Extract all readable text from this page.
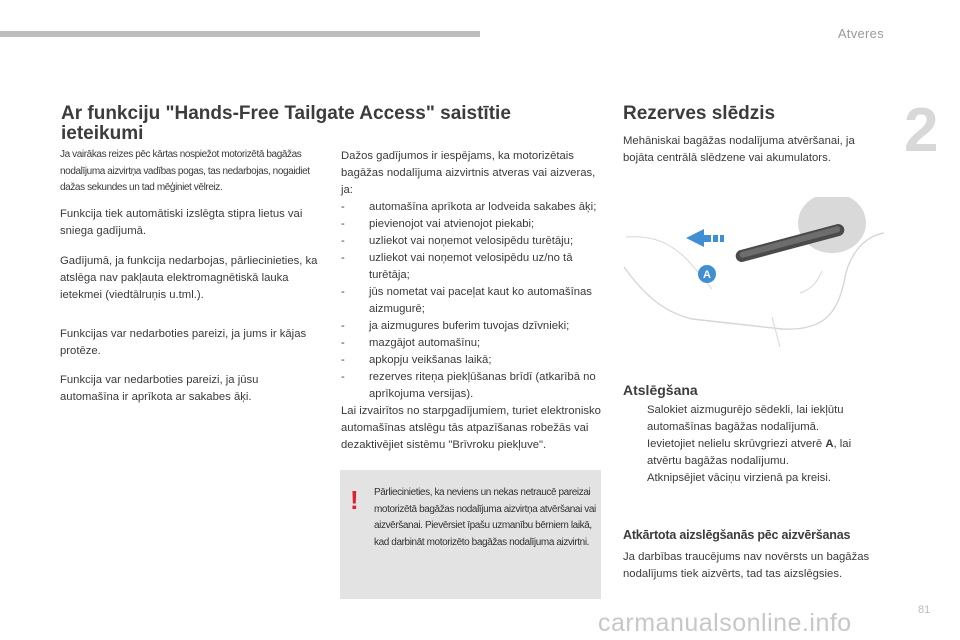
Atveres
2
Ar funkciju "Hands-Free Tailgate Access" saistītie ieteikumi
Ja vairākas reizes pēc kārtas nospiežot motorizētā bagāžas nodalījuma aizvirtņa vadības pogas, tas nedarbojas, nogaidiet dažas sekundes un tad mēģiniet vēlreiz.
Funkcija tiek automātiski izslēgta stipra lietus vai sniega gadījumā.
Gadījumā, ja funkcija nedarbojas, pārliecinieties, ka atslēga nav pakļauta elektromagnētiskā lauka ietekmei (viedtālruņis u.tml.).
Funkcijas var nedarboties pareizi, ja jums ir kājas protēze.
Funkcija var nedarboties pareizi, ja jūsu automašīna ir aprīkota ar sakabes āķi.
Dažos gadījumos ir iespējams, ka motorizētais bagāžas nodalījuma aizvirtnis atveras vai aizveras, ja:
- automašīna aprīkota ar lodveida sakabes āķi;
- pievienojot vai atvienojot piekabi;
- uzliekot vai noņemot velosipēdu turētāju;
- uzliekot vai noņemot velosipēdu uz/no tā turētāja;
- jūs nometat vai paceļat kaut ko automašīnas aizmugurē;
- ja aizmugures buferim tuvojas dzīvnieki;
- mazgājot automašīnu;
- apkopju veikšanas laikā;
- rezerves riteņa piekļūšanas brīdī (atkarībā no aprīkojuma versijas).
Lai izvairītos no starpgadījumiem, turiet elektronisko automašīnas atslēgu tās atpazīšanas robežās vai dezaktivējiet sistēmu "Brīvroku piekļuve".
! Pārliecinieties, ka neviens un nekas netraucē pareizai motorizētā bagāžas nodalījuma aizvirtņa atvēršanai vai aizvēršanai. Pievērsiet īpašu uzmanību bērniem laikā, kad darbināt motorizēto bagāžas nodalījuma aizvirtni.
Rezerves slēdzis
Mehāniskai bagāžas nodalījuma atvēršanai, ja bojāta centrālā slēdzene vai akumulators.
A
Atslēgšana
Salokiet aizmugurējo sēdekli, lai iekļūtu automašīnas bagāžas nodalījumā.
Ievietojiet nelielu skrūvgriezi atverē A, lai atvērtu bagāžas nodalījumu.
Atknipsējiet vāciņu virzienā pa kreisi.
Atkārtota aizslēgšanās pēc aizvēršanas
Ja darbības traucējums nav novērsts un bagāžas nodalījums tiek aizvērts, tad tas aizslēgsies.
81
carmanualsonline.info
